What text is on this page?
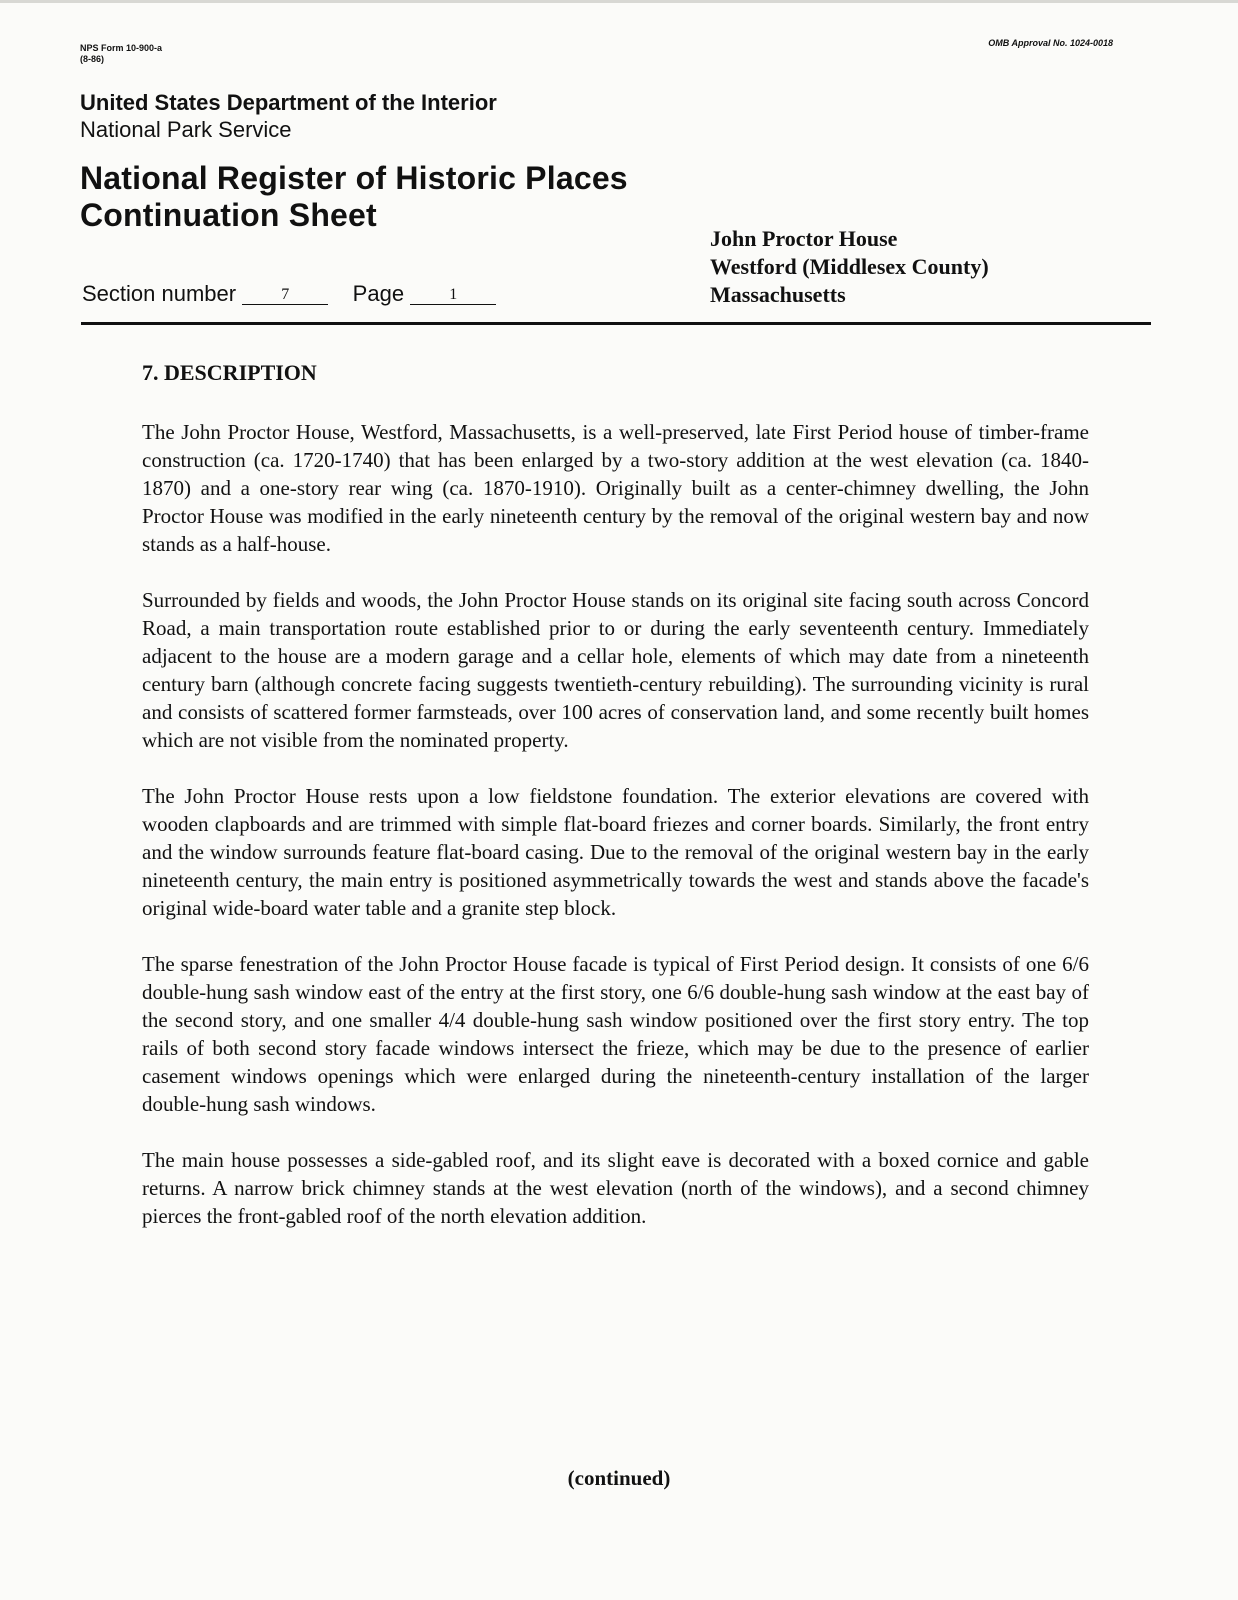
NPS Form 10-900-a
(8-86)
OMB Approval No. 1024-0018
United States Department of the Interior
National Park Service
National Register of Historic Places
Continuation Sheet
John Proctor House
Westford (Middlesex County)
Massachusetts
Section number	7	Page	1
7. DESCRIPTION

The John Proctor House, Westford, Massachusetts, is a well-preserved, late First Period house of timber-frame construction (ca. 1720-1740) that has been enlarged by a two-story addition at the west elevation (ca. 1840-1870) and a one-story rear wing (ca. 1870-1910). Originally built as a center-chimney dwelling, the John Proctor House was modified in the early nineteenth century by the removal of the original western bay and now stands as a half-house.

Surrounded by fields and woods, the John Proctor House stands on its original site facing south across Concord Road, a main transportation route established prior to or during the early seventeenth century. Immediately adjacent to the house are a modern garage and a cellar hole, elements of which may date from a nineteenth century barn (although concrete facing suggests twentieth-century rebuilding). The surrounding vicinity is rural and consists of scattered former farmsteads, over 100 acres of conservation land, and some recently built homes which are not visible from the nominated property.

The John Proctor House rests upon a low fieldstone foundation. The exterior elevations are covered with wooden clapboards and are trimmed with simple flat-board friezes and corner boards. Similarly, the front entry and the window surrounds feature flat-board casing. Due to the removal of the original western bay in the early nineteenth century, the main entry is positioned asymmetrically towards the west and stands above the facade's original wide-board water table and a granite step block.

The sparse fenestration of the John Proctor House facade is typical of First Period design. It consists of one 6/6 double-hung sash window east of the entry at the first story, one 6/6 double-hung sash window at the east bay of the second story, and one smaller 4/4 double-hung sash window positioned over the first story entry. The top rails of both second story facade windows intersect the frieze, which may be due to the presence of earlier casement windows openings which were enlarged during the nineteenth-century installation of the larger double-hung sash windows.

The main house possesses a side-gabled roof, and its slight eave is decorated with a boxed cornice and gable returns. A narrow brick chimney stands at the west elevation (north of the windows), and a second chimney pierces the front-gabled roof of the north elevation addition.

(continued)
